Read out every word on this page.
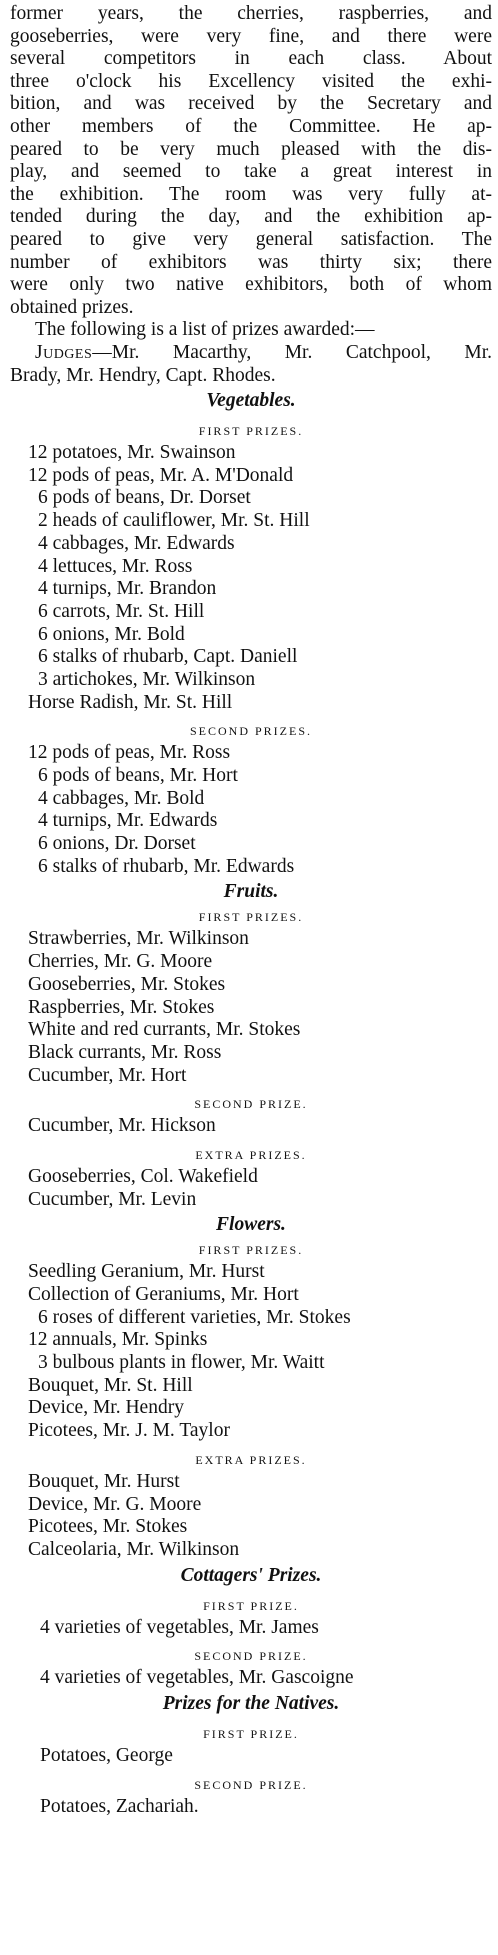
former years, the cherries, raspberries, and
gooseberries, were very fine, and there were
several competitors in each class. About
three o'clock his Excellency visited the exhi-
bition, and was received by the Secretary and
other members of the Committee. He ap-
peared to be very much pleased with the dis-
play, and seemed to take a great interest in
the exhibition. The room was very fully at-
tended during the day, and the exhibition ap-
peared to give very general satisfaction. The
number of exhibitors was thirty six; there
were only two native exhibitors, both of whom
obtained prizes.
The following is a list of prizes awarded:—
Judges—Mr. Macarthy, Mr. Catchpool, Mr.
Brady, Mr. Hendry, Capt. Rhodes.
Vegetables.
FIRST PRIZES.
12 potatoes, Mr. Swainson
12 pods of peas, Mr. A. M'Donald
6 pods of beans, Dr. Dorset
2 heads of cauliflower, Mr. St. Hill
4 cabbages, Mr. Edwards
4 lettuces, Mr. Ross
4 turnips, Mr. Brandon
6 carrots, Mr. St. Hill
6 onions, Mr. Bold
6 stalks of rhubarb, Capt. Daniell
3 artichokes, Mr. Wilkinson
Horse Radish, Mr. St. Hill
SECOND PRIZES.
12 pods of peas, Mr. Ross
6 pods of beans, Mr. Hort
4 cabbages, Mr. Bold
4 turnips, Mr. Edwards
6 onions, Dr. Dorset
6 stalks of rhubarb, Mr. Edwards
Fruits.
FIRST PRIZES.
Strawberries, Mr. Wilkinson
Cherries, Mr. G. Moore
Gooseberries, Mr. Stokes
Raspberries, Mr. Stokes
White and red currants, Mr. Stokes
Black currants, Mr. Ross
Cucumber, Mr. Hort
SECOND PRIZE.
Cucumber, Mr. Hickson
EXTRA PRIZES.
Gooseberries, Col. Wakefield
Cucumber, Mr. Levin
Flowers.
FIRST PRIZES.
Seedling Geranium, Mr. Hurst
Collection of Geraniums, Mr. Hort
6 roses of different varieties, Mr. Stokes
12 annuals, Mr. Spinks
3 bulbous plants in flower, Mr. Waitt
Bouquet, Mr. St. Hill
Device, Mr. Hendry
Picotees, Mr. J. M. Taylor
EXTRA PRIZES.
Bouquet, Mr. Hurst
Device, Mr. G. Moore
Picotees, Mr. Stokes
Calceolaria, Mr. Wilkinson
Cottagers' Prizes.
FIRST PRIZE.
4 varieties of vegetables, Mr. James
SECOND PRIZE.
4 varieties of vegetables, Mr. Gascoigne
Prizes for the Natives.
FIRST PRIZE.
Potatoes, George
SECOND PRIZE.
Potatoes, Zachariah.
